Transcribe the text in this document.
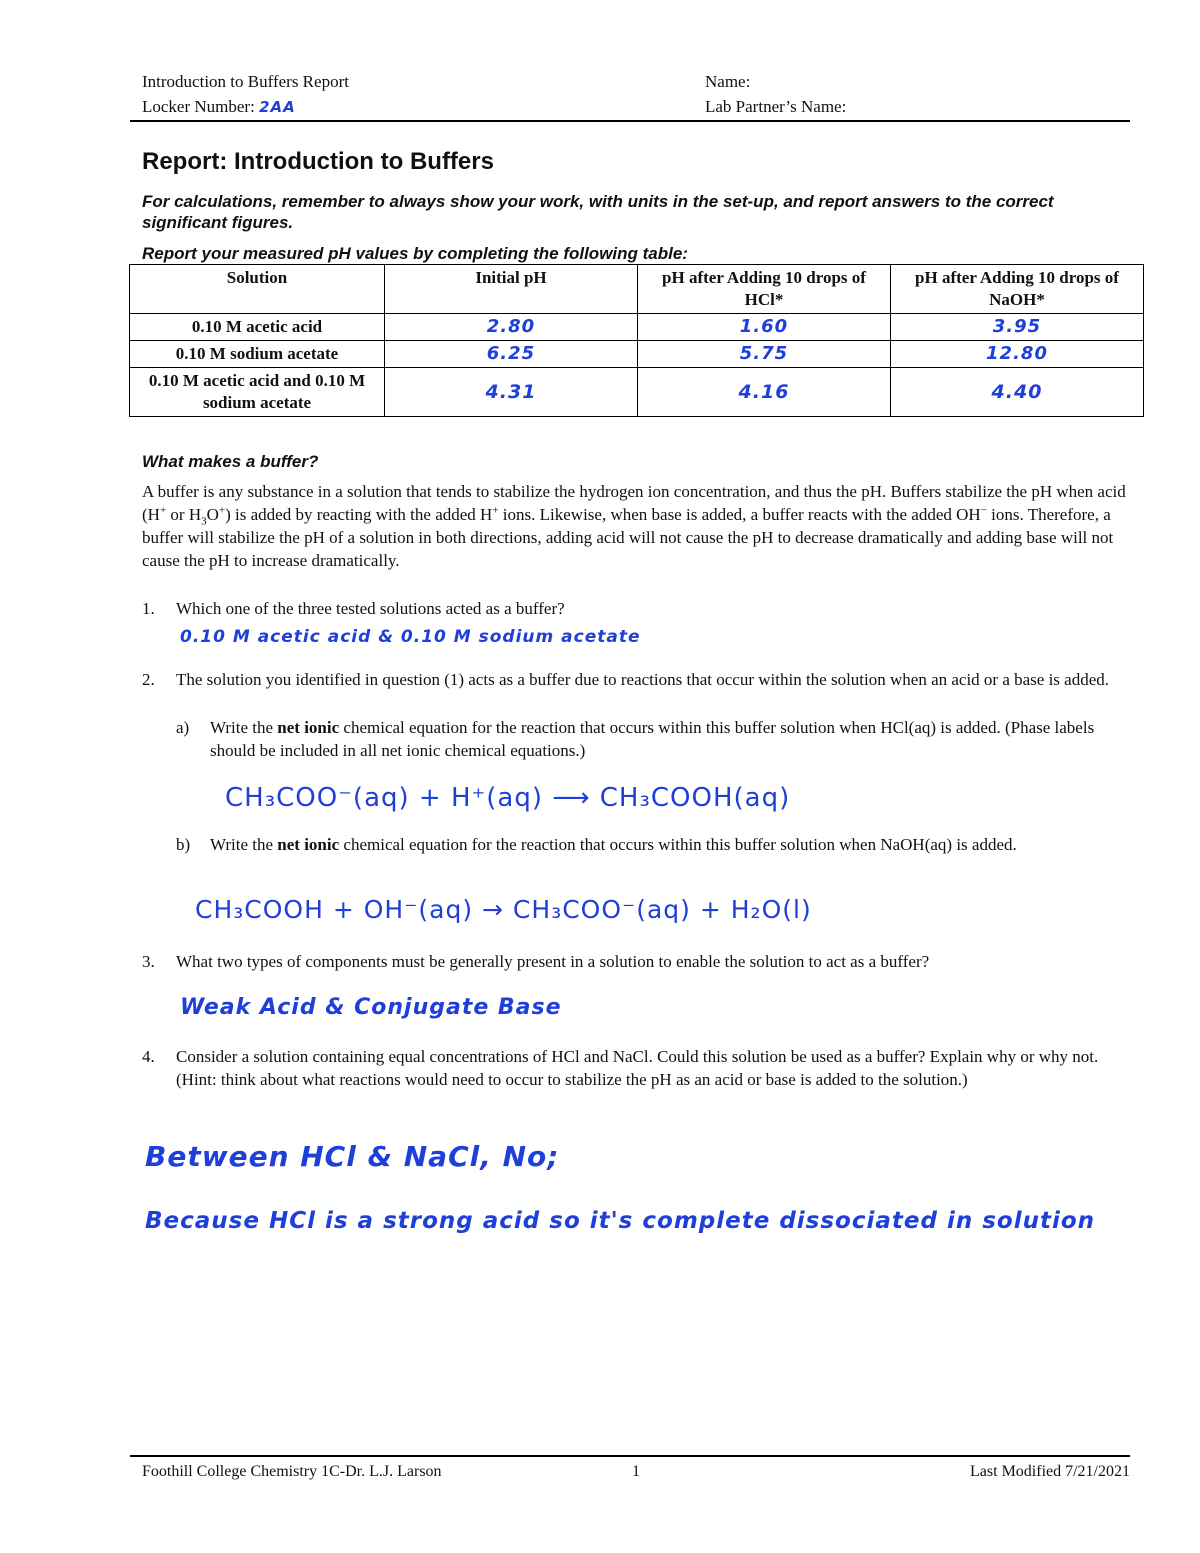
Introduction to Buffers Report
Locker Number: 2AA
Name:
Lab Partner’s Name:
Report: Introduction to Buffers
For calculations, remember to always show your work, with units in the set-up, and report answers to the correct significant figures.
Report your measured pH values by completing the following table:
Solution	Initial pH	pH after Adding 10 drops of HCl*	pH after Adding 10 drops of NaOH*
0.10 M acetic acid	2.80	1.60	3.95
0.10 M sodium acetate	6.25	5.75	12.80
0.10 M acetic acid and 0.10 M sodium acetate	4.31	4.16	4.40
What makes a buffer?
A buffer is any substance in a solution that tends to stabilize the hydrogen ion concentration, and thus the pH. Buffers stabilize the pH when acid (H+ or $H_3O^+$) is added by reacting with the added H+ ions. Likewise, when base is added, a buffer reacts with the added OH− ions. Therefore, a buffer will stabilize the pH of a solution in both directions, adding acid will not cause the pH to decrease dramatically and adding base will not cause the pH to increase dramatically.
1.	Which one of the three tested solutions acted as a buffer?
0.10 M acetic acid & 0.10 M sodium acetate
2.	The solution you identified in question (1) acts as a buffer due to reactions that occur within the solution when an acid or a base is added.
a) Write the net ionic chemical equation for the reaction that occurs within this buffer solution when HCl(aq) is added. (Phase labels should be included in all net ionic chemical equations.)
CH₃COO⁻(aq) + H⁺(aq) ⟶ CH₃COOH(aq)
b) Write the net ionic chemical equation for the reaction that occurs within this buffer solution when NaOH(aq) is added.
CH₃COOH + OH⁻(aq) → CH₃COO⁻(aq) + H₂O(l)
3.	What two types of components must be generally present in a solution to enable the solution to act as a buffer?
Weak Acid & Conjugate Base
4.	Consider a solution containing equal concentrations of HCl and NaCl. Could this solution be used as a buffer? Explain why or why not. (Hint: think about what reactions would need to occur to stabilize the pH as an acid or base is added to the solution.)
Between HCl & NaCl, No;
Because HCl is a strong acid so it's complete dissociated in solution
Foothill College Chemistry 1C-Dr. L.J. Larson	1	Last Modified 7/21/2021
